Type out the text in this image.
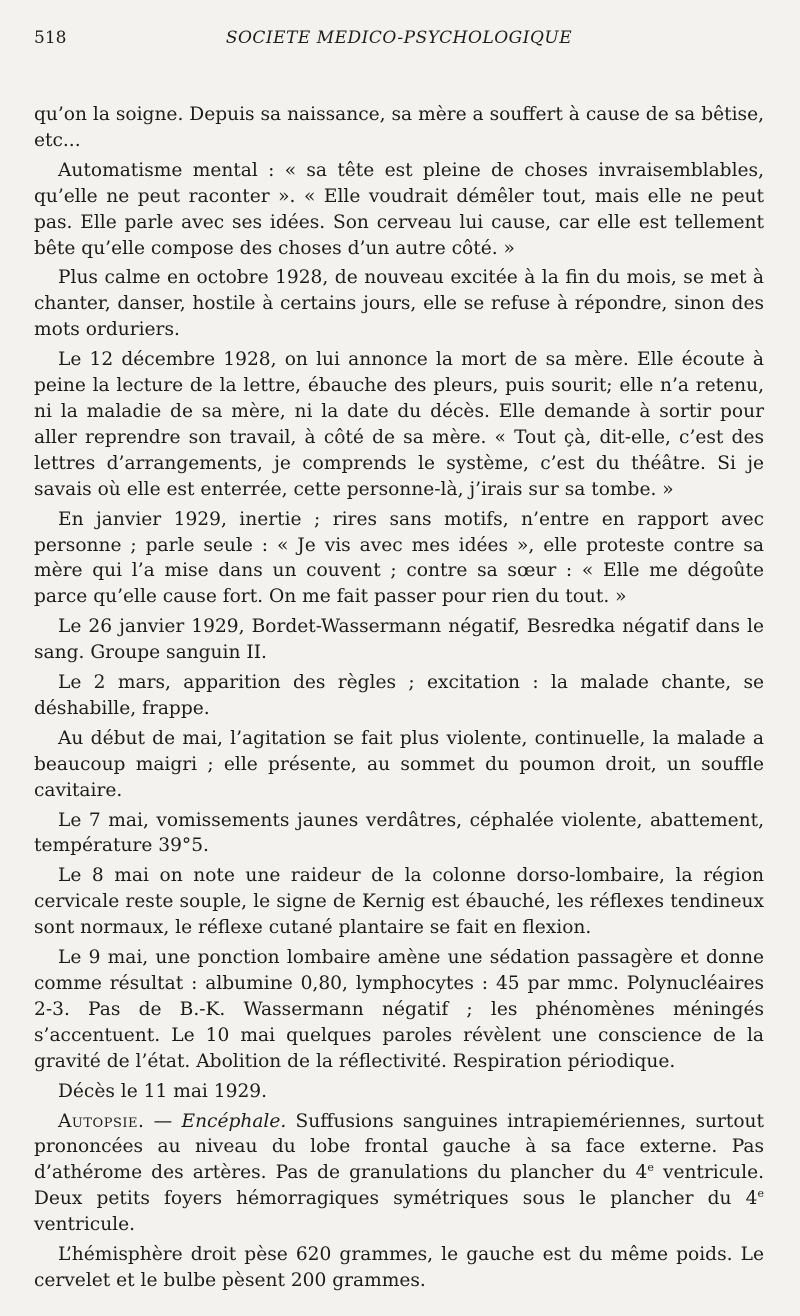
518	SOCIETE MEDICO-PSYCHOLOGIQUE

qu’on la soigne. Depuis sa naissance, sa mère a souffert à cause de sa bêtise, etc...

Automatisme mental : « sa tête est pleine de choses invraisemblables, qu’elle ne peut raconter ». « Elle voudrait démêler tout, mais elle ne peut pas. Elle parle avec ses idées. Son cerveau lui cause, car elle est tellement bête qu’elle compose des choses d’un autre côté. »

Plus calme en octobre 1928, de nouveau excitée à la fin du mois, se met à chanter, danser, hostile à certains jours, elle se refuse à répondre, sinon des mots orduriers.

Le 12 décembre 1928, on lui annonce la mort de sa mère. Elle écoute à peine la lecture de la lettre, ébauche des pleurs, puis sourit; elle n’a retenu, ni la maladie de sa mère, ni la date du décès. Elle demande à sortir pour aller reprendre son travail, à côté de sa mère. « Tout çà, dit-elle, c’est des lettres d’arrangements, je comprends le système, c’est du théâtre. Si je savais où elle est enterrée, cette personne-là, j’irais sur sa tombe. »

En janvier 1929, inertie ; rires sans motifs, n’entre en rapport avec personne ; parle seule : « Je vis avec mes idées », elle proteste contre sa mère qui l’a mise dans un couvent ; contre sa sœur : « Elle me dégoûte parce qu’elle cause fort. On me fait passer pour rien du tout. »

Le 26 janvier 1929, Bordet-Wassermann négatif, Besredka négatif dans le sang. Groupe sanguin II.

Le 2 mars, apparition des règles ; excitation : la malade chante, se déshabille, frappe.

Au début de mai, l’agitation se fait plus violente, continuelle, la malade a beaucoup maigri ; elle présente, au sommet du poumon droit, un souffle cavitaire.

Le 7 mai, vomissements jaunes verdâtres, céphalée violente, abattement, température 39°5.

Le 8 mai on note une raideur de la colonne dorso-lombaire, la région cervicale reste souple, le signe de Kernig est ébauché, les réflexes tendineux sont normaux, le réflexe cutané plantaire se fait en flexion.

Le 9 mai, une ponction lombaire amène une sédation passagère et donne comme résultat : albumine 0,80, lymphocytes : 45 par mmc. Polynucléaires 2-3. Pas de B.-K. Wassermann négatif ; les phénomènes méningés s’accentuent. Le 10 mai quelques paroles révèlent une conscience de la gravité de l’état. Abolition de la réflectivité. Respiration périodique.

Décès le 11 mai 1929.

Autopsie. — Encéphale. Suffusions sanguines intrapiemériennes, surtout prononcées au niveau du lobe frontal gauche à sa face externe. Pas d’athérome des artères. Pas de granulations du plancher du 4e ventricule. Deux petits foyers hémorragiques symétriques sous le plancher du 4e ventricule.

L’hémisphère droit pèse 620 grammes, le gauche est du même poids. Le cervelet et le bulbe pèsent 200 grammes.
